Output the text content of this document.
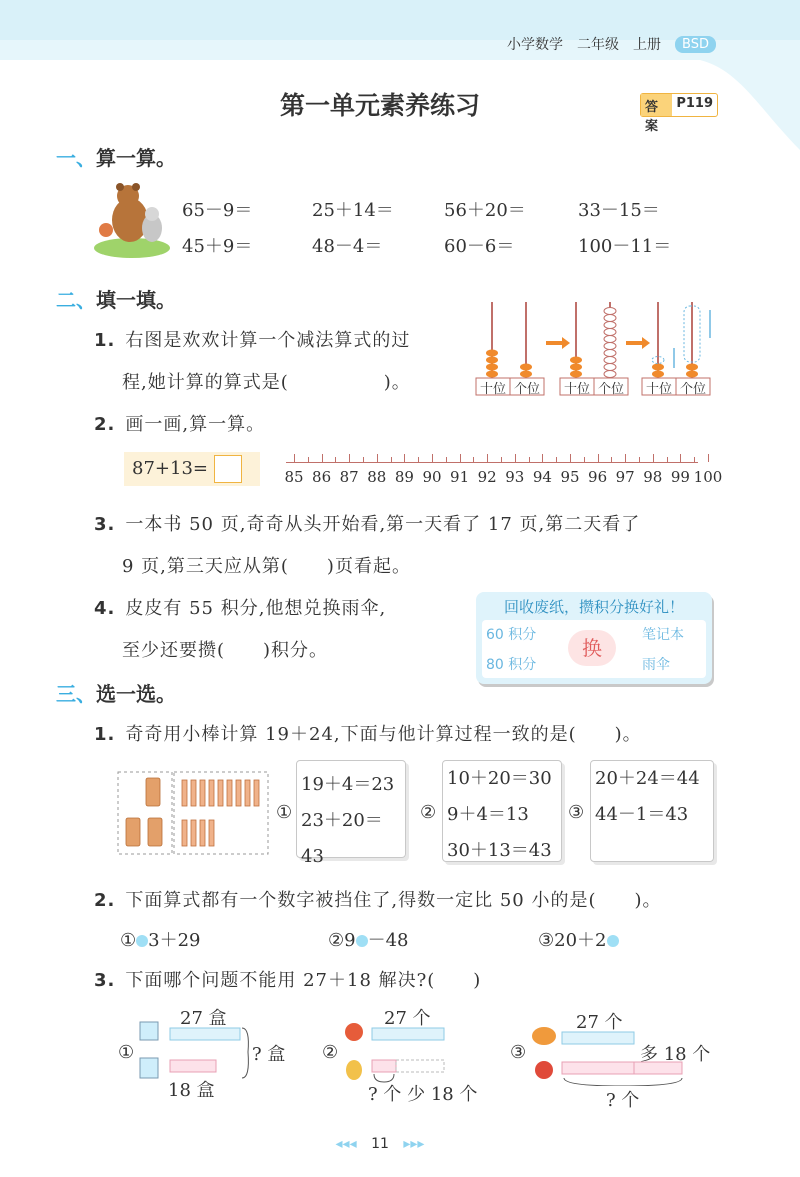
小学数学 二年级 上册	BSD
第一单元素养练习	答案
P119
一、算一算。
65－9＝	25＋14＝	56＋20＝	33－15＝
45＋9＝	48－4＝	60－6＝	100－11＝
二、填一填。
1. 右图是欢欢计算一个减法算式的过
程,她计算的算式是(　　　　　)。	十位 个位	十位 个位	十位 个位
2. 画一画,算一算。
87+13=	85 86 87 88 89 90 91 92 93 94 95 96 97 98 99 100
3. 一本书 50 页,奇奇从头开始看,第一天看了 17 页,第二天看了
9 页,第三天应从第(　　)页看起。
4. 皮皮有 55 积分,他想兑换雨伞,
至少还要攒(　　)积分。
回收废纸，攒积分换好礼！
60 积分
80 积分
换
笔记本
雨伞
三、选一选。
1. 奇奇用小棒计算 19＋24,下面与他计算过程一致的是(　　)。
①
19＋4＝23
23＋20＝43
②
10＋20＝30
9＋4＝13
30＋13＝43
③
20＋24＝44
44－1＝43
2. 下面算式都有一个数字被挡住了,得数一定比 50 小的是(　　)。
① 3＋29	②9 －48	③20＋2
3. 下面哪个问题不能用 27＋18 解决?(　　)
①
27 盒
18 盒
? 盒 ②
27 个
? 个 少 18 个
③
27 个
多 18 个
? 个
◂◂◂ 11 ▸▸▸
